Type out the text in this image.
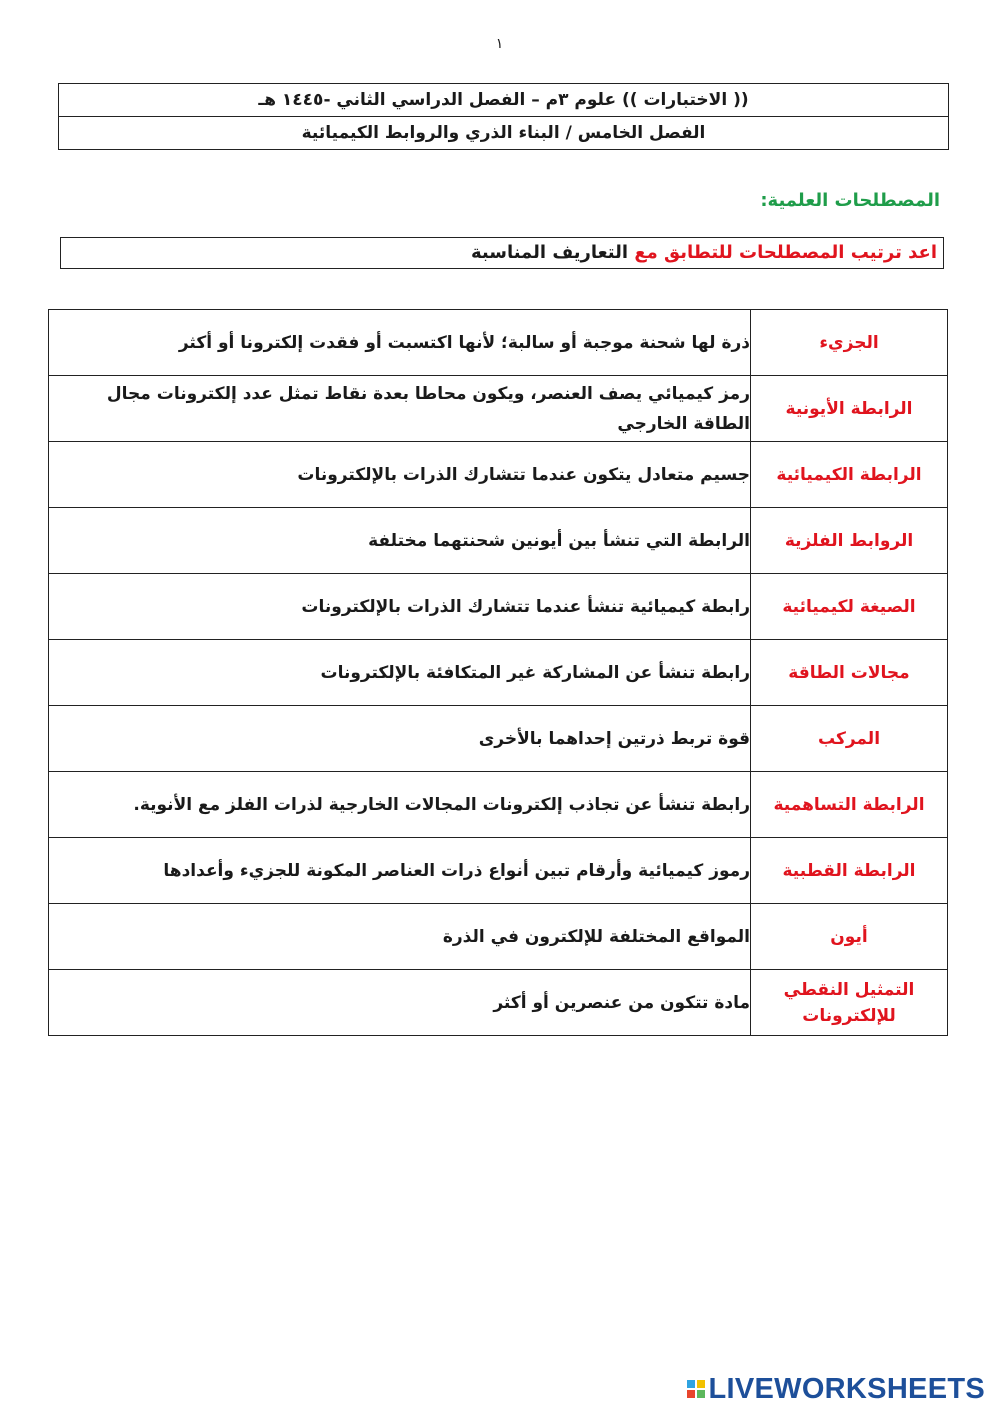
١
(( الاختبارات )) علوم ٣م – الفصل الدراسي الثاني -١٤٤٥ هـ
الفصل الخامس / البناء الذري والروابط الكيميائية
المصطلحات العلمية:
اعد ترتيب المصطلحات للتطابق مع التعاريف المناسبة
الجزيء	ذرة لها شحنة موجبة أو سالبة؛ لأنها اكتسبت أو فقدت إلكترونا أو أكثر
الرابطة الأيونية	رمز كيميائي يصف العنصر، ويكون محاطا بعدة نقاط تمثل عدد إلكترونات مجال الطاقة الخارجي
الرابطة الكيميائية	جسيم متعادل يتكون عندما تتشارك الذرات بالإلكترونات
الروابط الفلزية	الرابطة التي تنشأ بين أيونين شحنتهما مختلفة
الصيغة لكيميائية	رابطة كيميائية تنشأ عندما تتشارك الذرات بالإلكترونات
مجالات الطاقة	رابطة تنشأ عن المشاركة غير المتكافئة بالإلكترونات
المركب	قوة تربط ذرتين إحداهما بالأخرى
الرابطة التساهمية	رابطة تنشأ عن تجاذب إلكترونات المجالات الخارجية لذرات الفلز مع الأنوية.
الرابطة القطبية	رموز كيميائية وأرقام تبين أنواع ذرات العناصر المكونة للجزيء وأعدادها
أيون	المواقع المختلفة للإلكترون في الذرة
التمثيل النقطي للإلكترونات	مادة تتكون من عنصرين أو أكثر
LIVEWORKSHEETS
